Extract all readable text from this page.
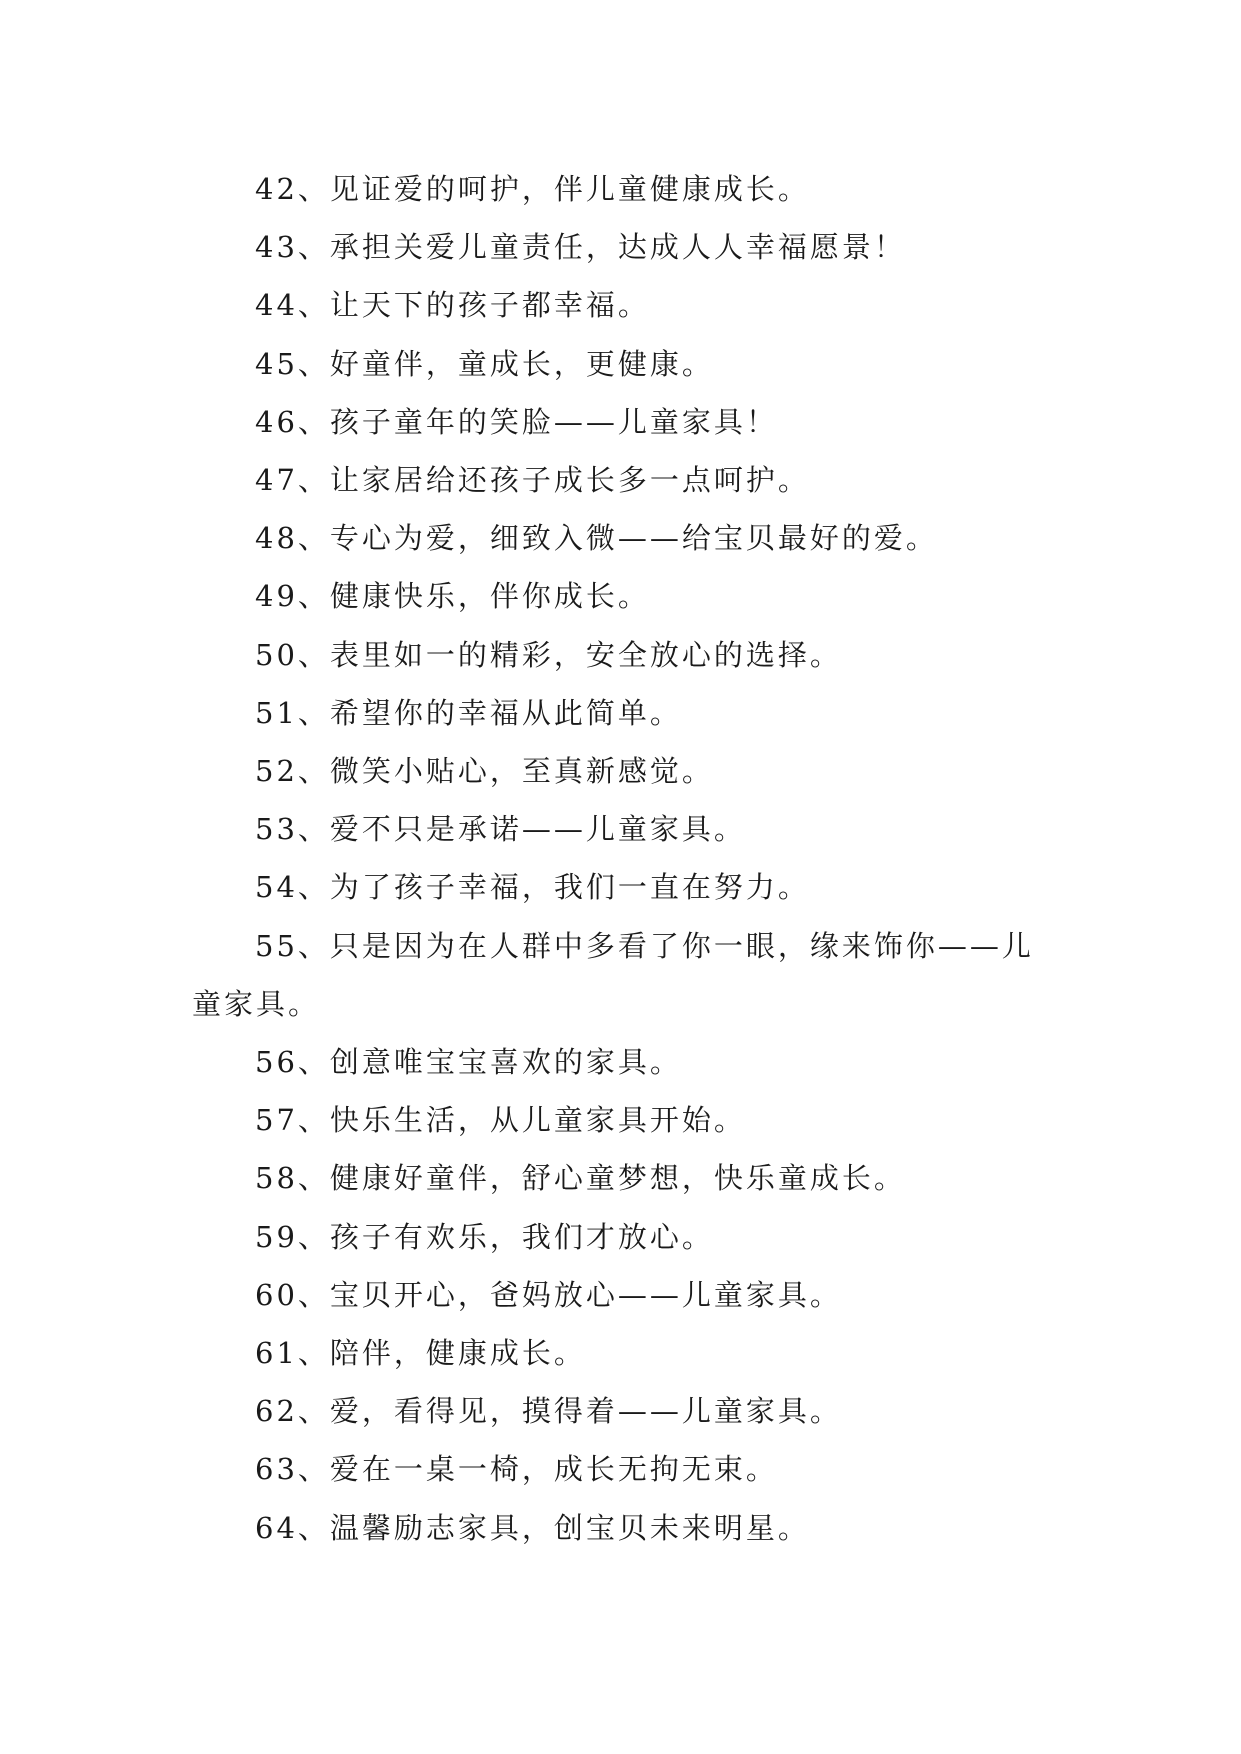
42、见证爱的呵护，伴儿童健康成长。

43、承担关爱儿童责任，达成人人幸福愿景！

44、让天下的孩子都幸福。

45、好童伴，童成长，更健康。

46、孩子童年的笑脸——儿童家具！

47、让家居给还孩子成长多一点呵护。

48、专心为爱，细致入微——给宝贝最好的爱。

49、健康快乐，伴你成长。

50、表里如一的精彩，安全放心的选择。

51、希望你的幸福从此简单。

52、微笑小贴心，至真新感觉。

53、爱不只是承诺——儿童家具。

54、为了孩子幸福，我们一直在努力。

55、只是因为在人群中多看了你一眼，缘来饰你——儿童家具。

56、创意唯宝宝喜欢的家具。

57、快乐生活，从儿童家具开始。

58、健康好童伴，舒心童梦想，快乐童成长。

59、孩子有欢乐，我们才放心。

60、宝贝开心，爸妈放心——儿童家具。

61、陪伴，健康成长。

62、爱，看得见，摸得着——儿童家具。

63、爱在一桌一椅，成长无拘无束。

64、温馨励志家具，创宝贝未来明星。
